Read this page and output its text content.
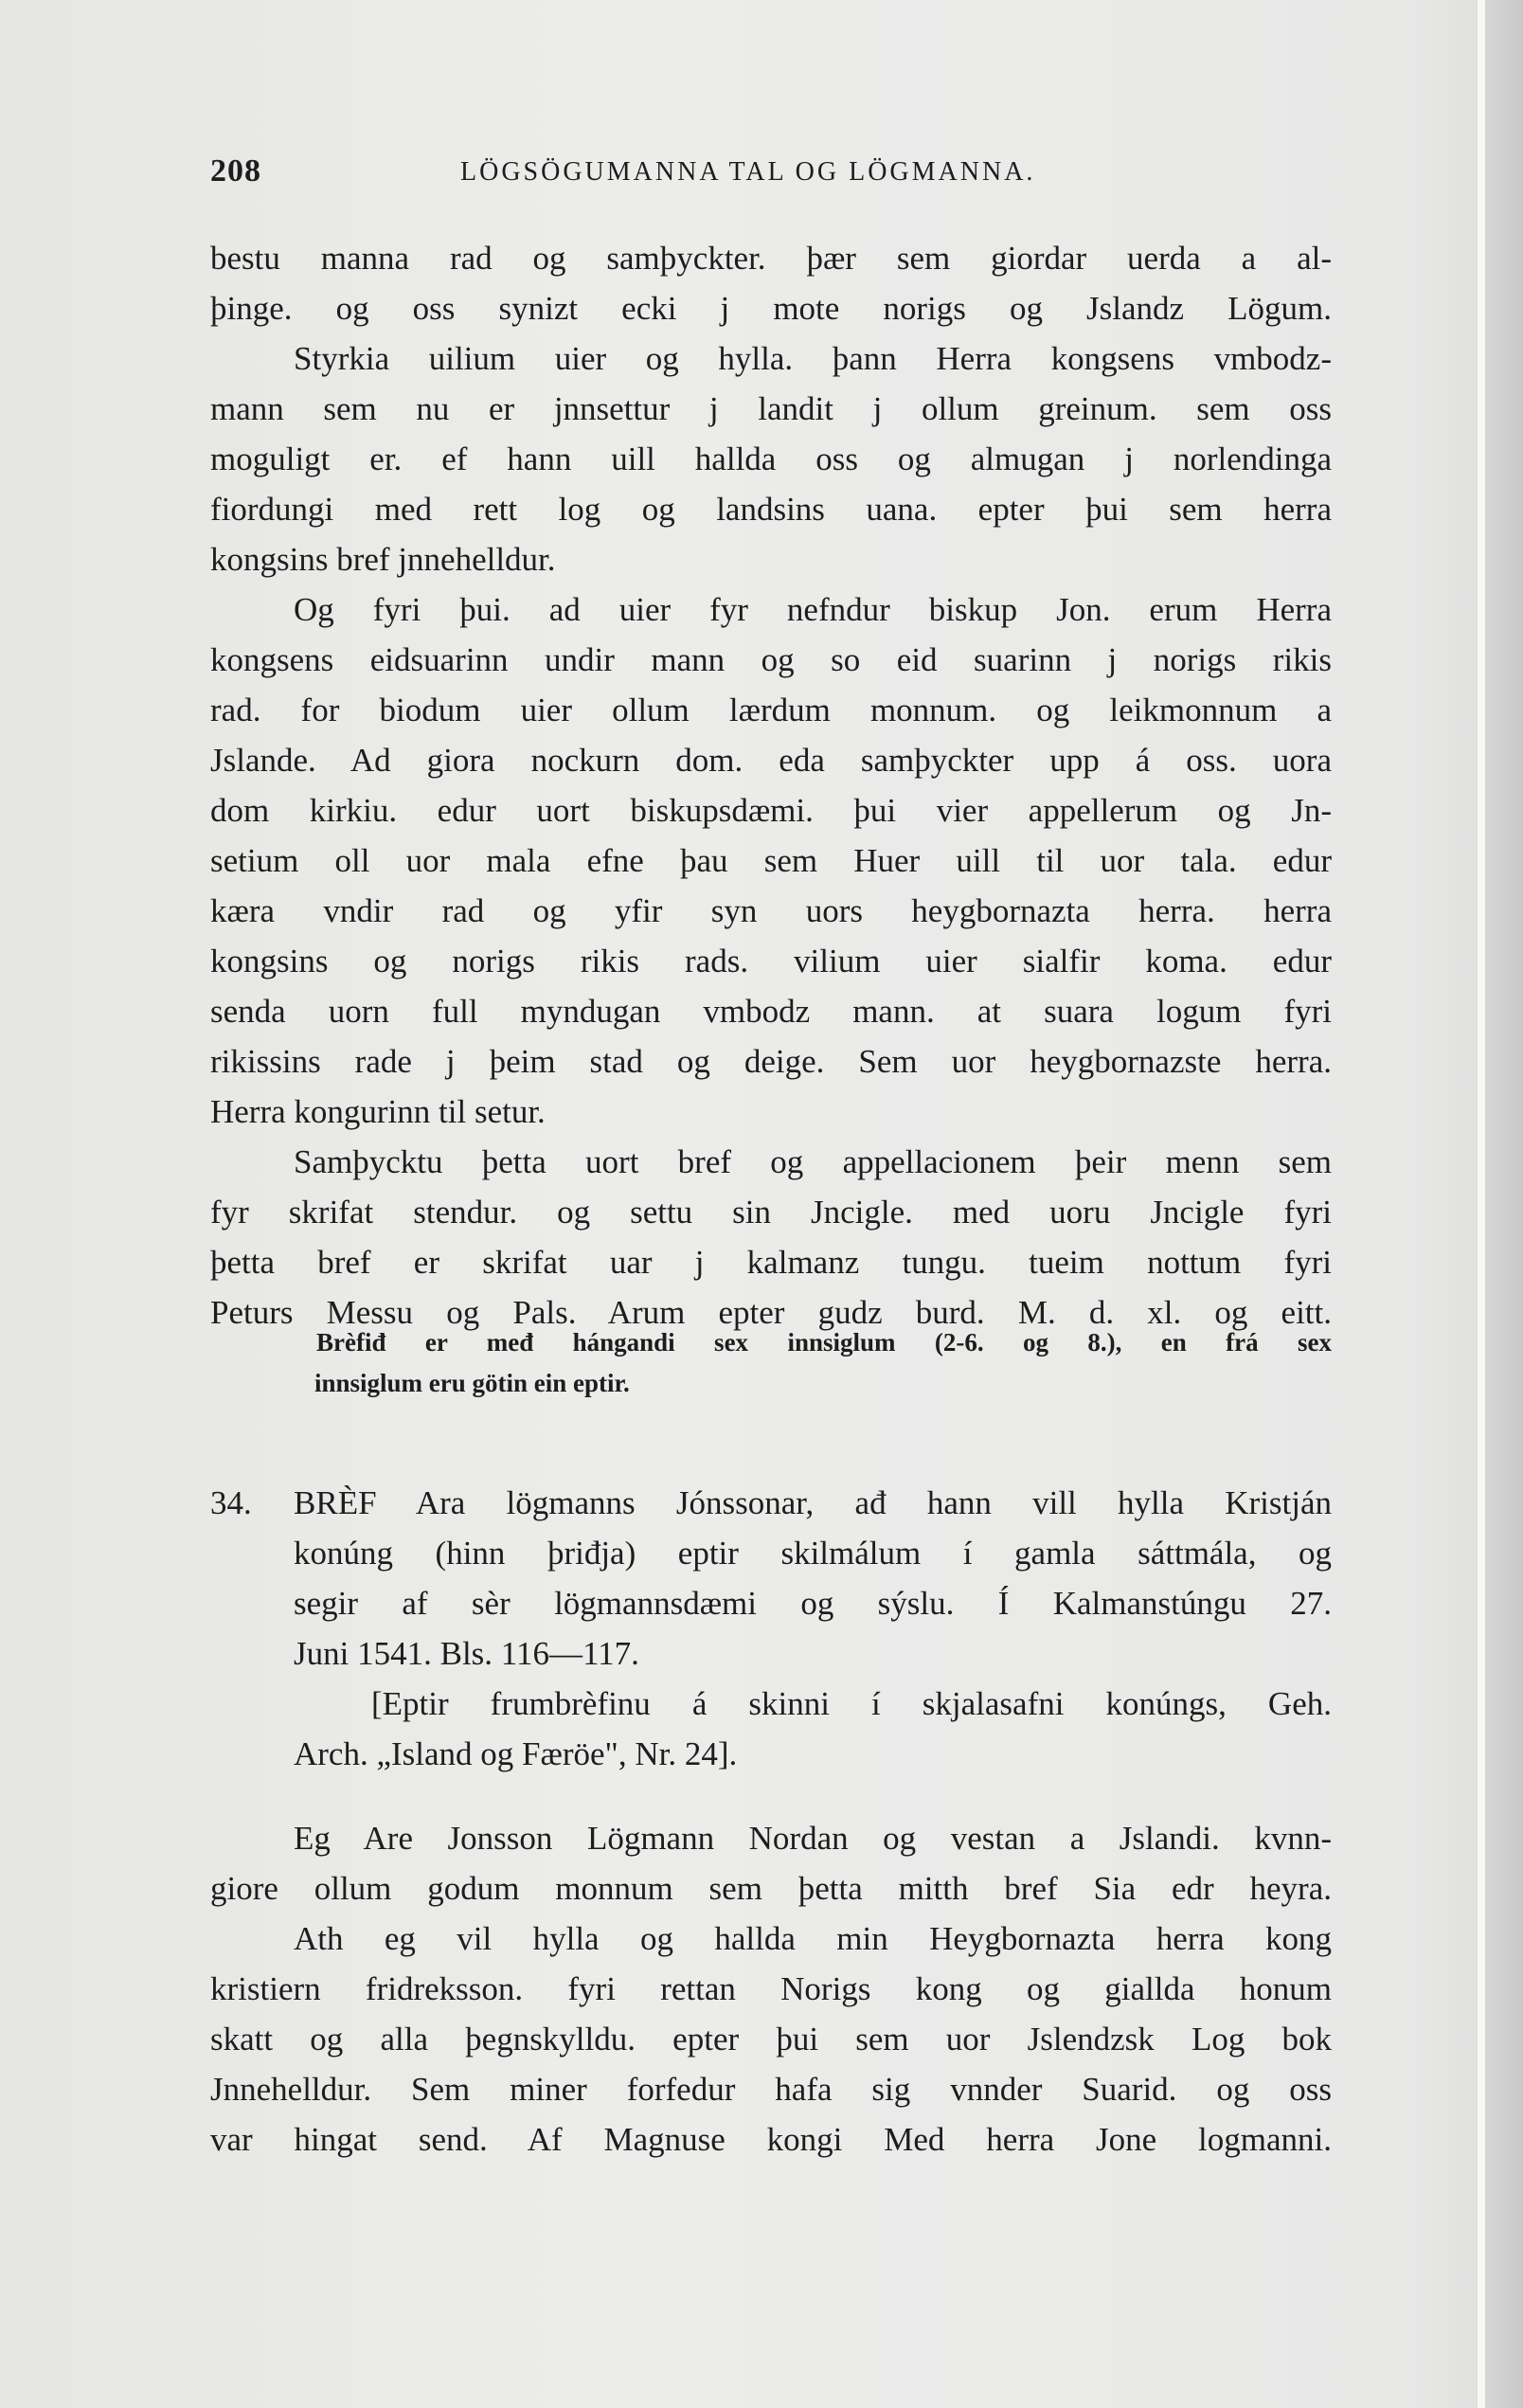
208	LÖGSÖGUMANNA TAL OG LÖGMANNA.
bestu manna rad og samþyckter. þær sem giordar uerda a al-
þinge. og oss synizt ecki j mote norigs og Jslandz Lögum.
Styrkia uilium uier og hylla. þann Herra kongsens vmbodz-
mann sem nu er jnnsettur j landit j ollum greinum. sem oss
moguligt er. ef hann uill hallda oss og almugan j norlendinga
fiordungi med rett log og landsins uana. epter þui sem herra
kongsins bref jnnehelldur.
Og fyri þui. ad uier fyr nefndur biskup Jon. erum Herra
kongsens eidsuarinn undir mann og so eid suarinn j norigs rikis
rad. for biodum uier ollum lærdum monnum. og leikmonnum a
Jslande. Ad giora nockurn dom. eda samþyckter upp á oss. uora
dom kirkiu. edur uort biskupsdæmi. þui vier appellerum og Jn-
setium oll uor mala efne þau sem Huer uill til uor tala. edur
kæra vndir rad og yfir syn uors heygbornazta herra. herra
kongsins og norigs rikis rads. vilium uier sialfir koma. edur
senda uorn full myndugan vmbodz mann. at suara logum fyri
rikissins rade j þeim stad og deige. Sem uor heygbornazste herra.
Herra kongurinn til setur.
Samþycktu þetta uort bref og appellacionem þeir menn sem
fyr skrifat stendur. og settu sin Jncigle. med uoru Jncigle fyri
þetta bref er skrifat uar j kalmanz tungu. tueim nottum fyri
Peturs Messu og Pals. Arum epter gudz burd. M. d. xl. og eitt.
Brèfiđ er međ hángandi sex innsiglum (2-6. og 8.), en frá sex
innsiglum eru götin ein eptir.
34.	BRÈF Ara lögmanns Jónssonar, ađ hann vill hylla Kristján
konúng (hinn þriđja) eptir skilmálum í gamla sáttmála, og
segir af sèr lögmannsdæmi og sýslu. Í Kalmanstúngu 27.
Juni 1541. Bls. 116—117.
[Eptir frumbrèfinu á skinni í skjalasafni konúngs, Geh.
Arch. „Island og Færöe", Nr. 24].
Eg Are Jonsson Lögmann Nordan og vestan a Jslandi. kvnn-
giore ollum godum monnum sem þetta mitth bref Sia edr heyra.
Ath eg vil hylla og hallda min Heygbornazta herra kong
kristiern fridreksson. fyri rettan Norigs kong og giallda honum
skatt og alla þegnskylldu. epter þui sem uor Jslendzsk Log bok
Jnnehelldur. Sem miner forfedur hafa sig vnnder Suarid. og oss
var hingat send. Af Magnuse kongi Med herra Jone logmanni.
